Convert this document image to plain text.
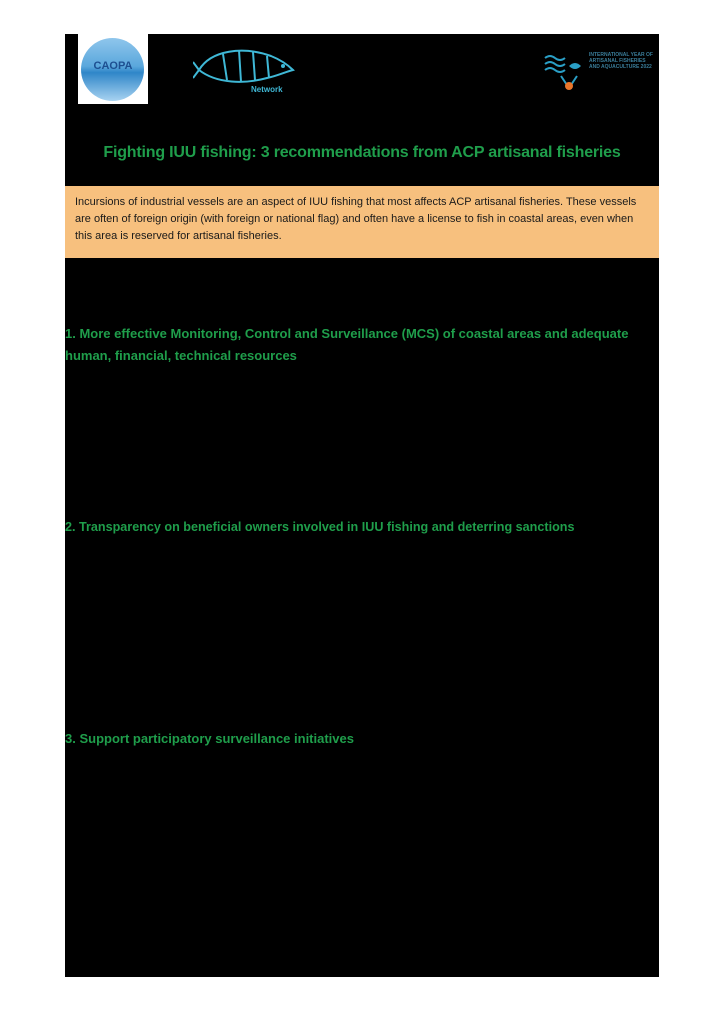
CAOPA
Network
INTERNATIONAL YEAR OF ARTISANAL FISHERIES AND AQUACULTURE 2022
Fighting IUU fishing: 3 recommendations from ACP artisanal fisheries
Incursions of industrial vessels are an aspect of IUU fishing that most affects ACP artisanal fisheries. These vessels are often of foreign origin (with foreign or national flag) and often have a license to fish in coastal areas, even when this area is reserved for artisanal fisheries.
1. More effective Monitoring, Control and Surveillance (MCS) of coastal areas and adequate human, financial, technical resources
2. Transparency on beneficial owners involved in IUU fishing and deterring sanctions
3. Support participatory surveillance initiatives
